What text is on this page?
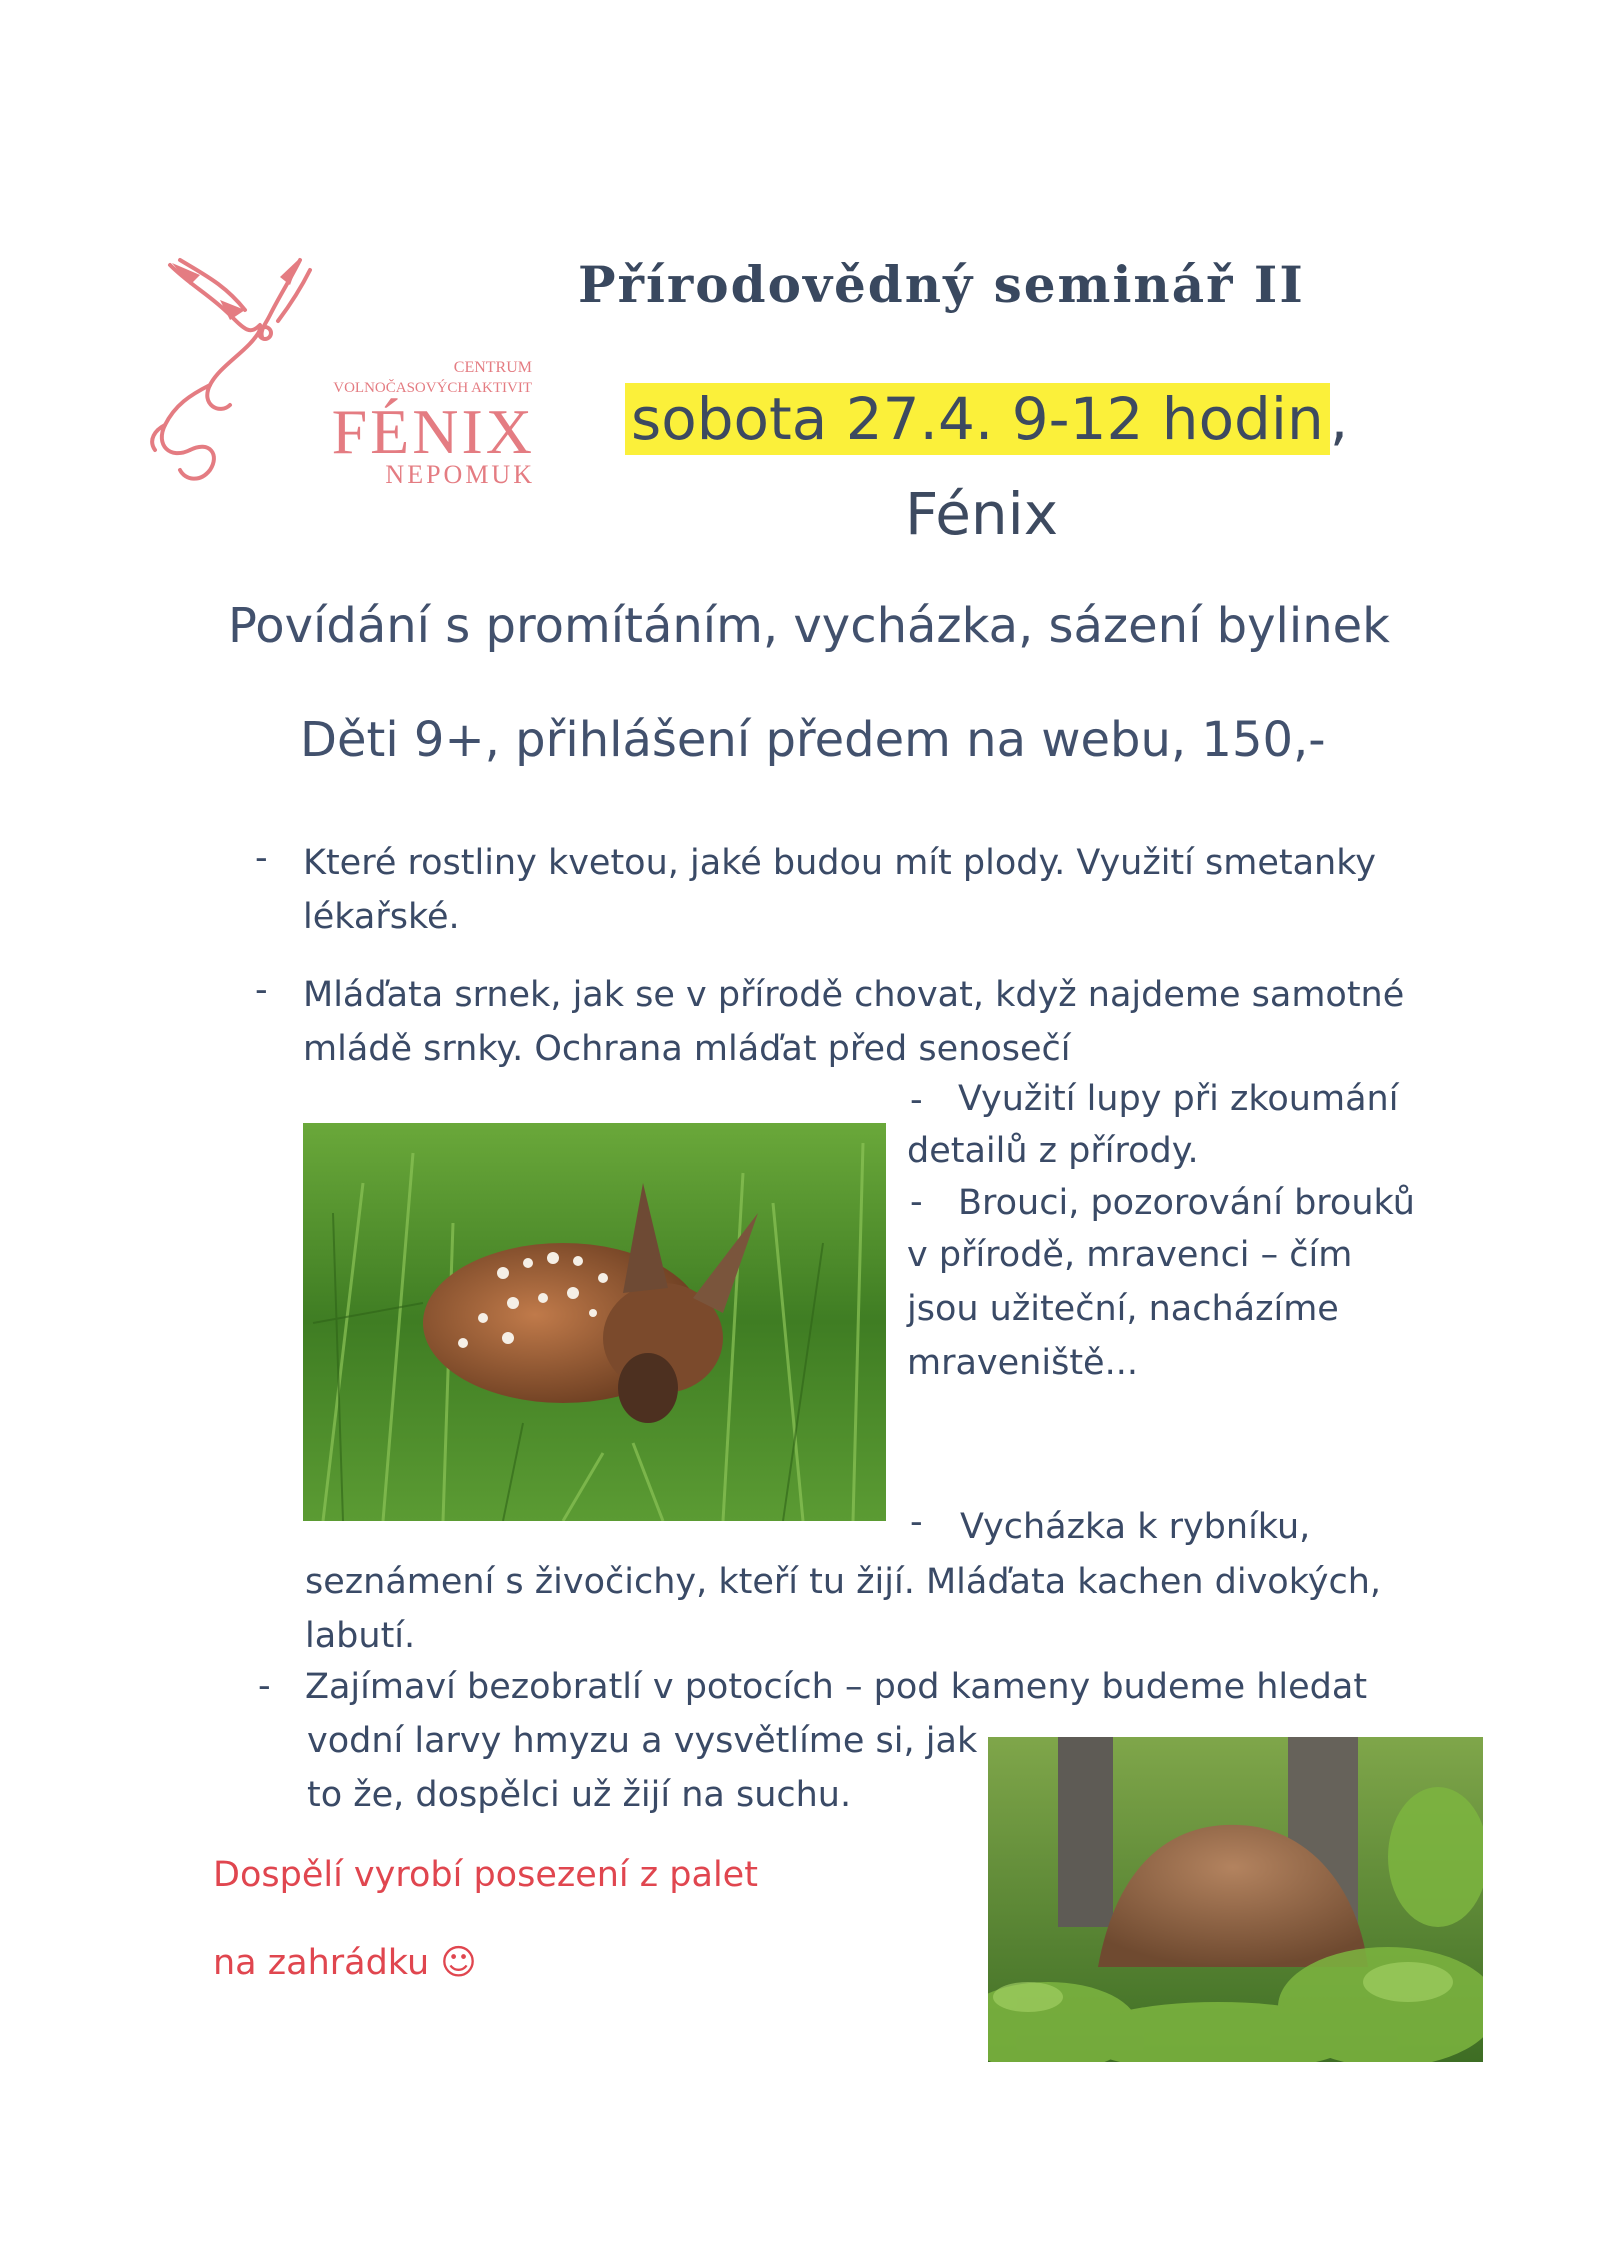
CENTRUM
VOLNOČASOVÝCH AKTIVIT
FÉNIX
NEPOMUK
Přírodovědný seminář II
sobota 27.4. 9-12 hodin ,
Fénix
Povídání s promítáním, vycházka, sázení bylinek
Děti 9+, přihlášení předem na webu, 150,-
- Které rostliny kvetou, jaké budou mít plody. Využití smetanky
lékařské.
- Mláďata srnek, jak se v přírodě chovat, když najdeme samotné
mládě srnky. Ochrana mláďat před senosečí
- Využití lupy při zkoumání
detailů z přírody.
- Brouci, pozorování brouků
v přírodě, mravenci – čím
jsou užiteční, nacházíme
mraveniště...
- Vycházka k rybníku,
seznámení s živočichy, kteří tu žijí. Mláďata kachen divokých,
labutí.
- Zajímaví bezobratlí v potocích – pod kameny budeme hledat
vodní larvy hmyzu a vysvětlíme si, jak
to že, dospělci už žijí na suchu.
Dospělí vyrobí posezení z palet
na zahrádku ☺
